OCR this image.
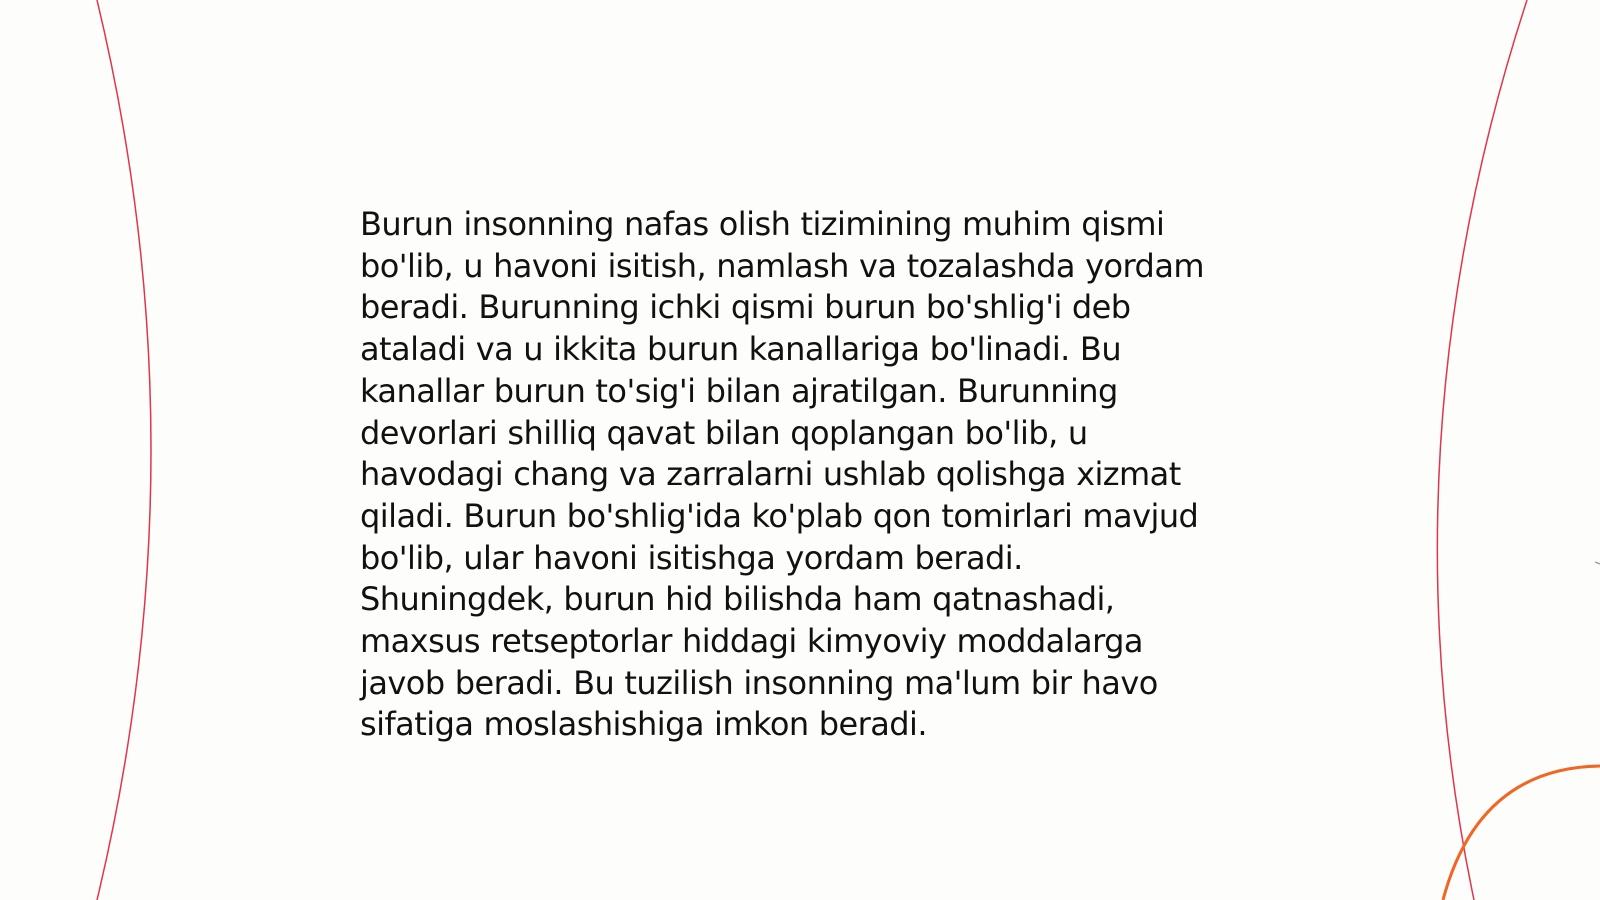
Burun insonning nafas olish tizimining muhim qismi
bo'lib, u havoni isitish, namlash va tozalashda yordam
beradi. Burunning ichki qismi burun bo'shlig'i deb
ataladi va u ikkita burun kanallariga bo'linadi. Bu
kanallar burun to'sig'i bilan ajratilgan. Burunning
devorlari shilliq qavat bilan qoplangan bo'lib, u
havodagi chang va zarralarni ushlab qolishga xizmat
qiladi. Burun bo'shlig'ida ko'plab qon tomirlari mavjud
bo'lib, ular havoni isitishga yordam beradi.
Shuningdek, burun hid bilishda ham qatnashadi,
maxsus retseptorlar hiddagi kimyoviy moddalarga
javob beradi. Bu tuzilish insonning ma'lum bir havo
sifatiga moslashishiga imkon beradi.
